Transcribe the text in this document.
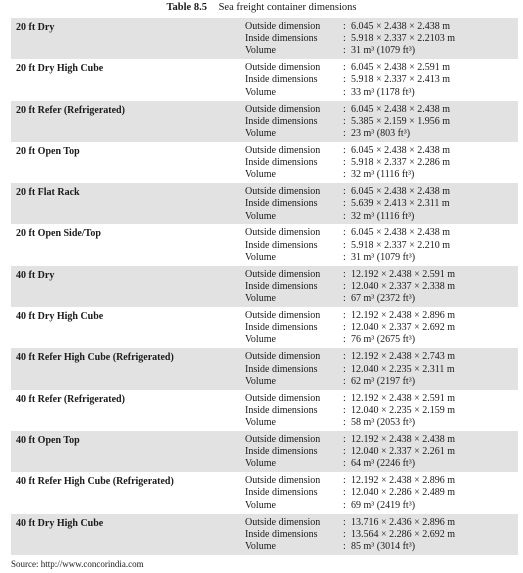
Table 8.5 Sea freight container dimensions
20 ft Dry	Outside dimension : 6.045 × 2.438 × 2.438 m
Inside dimensions	: 5.918 × 2.337 × 2.2103 m
Volume	: 31 m³ (1079 ft³)
20 ft Dry High Cube	Outside dimension : 6.045 × 2.438 × 2.591 m
Inside dimensions	: 5.918 × 2.337 × 2.413 m
Volume	: 33 m³ (1178 ft³)
20 ft Refer (Refrigerated)	Outside dimension : 6.045 × 2.438 × 2.438 m
Inside dimensions	: 5.385 × 2.159 × 1.956 m
Volume	: 23 m³ (803 ft³)
20 ft Open Top	Outside dimension : 6.045 × 2.438 × 2.438 m
Inside dimensions	: 5.918 × 2.337 × 2.286 m
Volume	: 32 m³ (1116 ft³)
20 ft Flat Rack	Outside dimension : 6.045 × 2.438 × 2.438 m
Inside dimensions	: 5.639 × 2.413 × 2.311 m
Volume	: 32 m³ (1116 ft³)
20 ft Open Side/Top	Outside dimension : 6.045 × 2.438 × 2.438 m
Inside dimensions	: 5.918 × 2.337 × 2.210 m
Volume	: 31 m³ (1079 ft³)
40 ft Dry	Outside dimension : 12.192 × 2.438 × 2.591 m
Inside dimensions	: 12.040 × 2.337 × 2.338 m
Volume	: 67 m³ (2372 ft³)
40 ft Dry High Cube	Outside dimension : 12.192 × 2.438 × 2.896 m
Inside dimensions	: 12.040 × 2.337 × 2.692 m
Volume	: 76 m³ (2675 ft³)
40 ft Refer High Cube (Refrigerated)	Outside dimension : 12.192 × 2.438 × 2.743 m
Inside dimensions	: 12.040 × 2.235 × 2.311 m
Volume	: 62 m³ (2197 ft³)
40 ft Refer (Refrigerated)	Outside dimension : 12.192 × 2.438 × 2.591 m
Inside dimensions	: 12.040 × 2.235 × 2.159 m
Volume	: 58 m³ (2053 ft³)
40 ft Open Top	Outside dimension : 12.192 × 2.438 × 2.438 m
Inside dimensions	: 12.040 × 2.337 × 2.261 m
Volume	: 64 m³ (2246 ft³)
40 ft Refer High Cube (Refrigerated)	Outside dimension : 12.192 × 2.438 × 2.896 m
Inside dimensions	: 12.040 × 2.286 × 2.489 m
Volume	: 69 m³ (2419 ft³)
40 ft Dry High Cube	Outside dimension : 13.716 × 2.436 × 2.896 m
Inside dimensions	: 13.564 × 2.286 × 2.692 m
Volume	: 85 m³ (3014 ft³)
Source: http://www.concorindia.com
